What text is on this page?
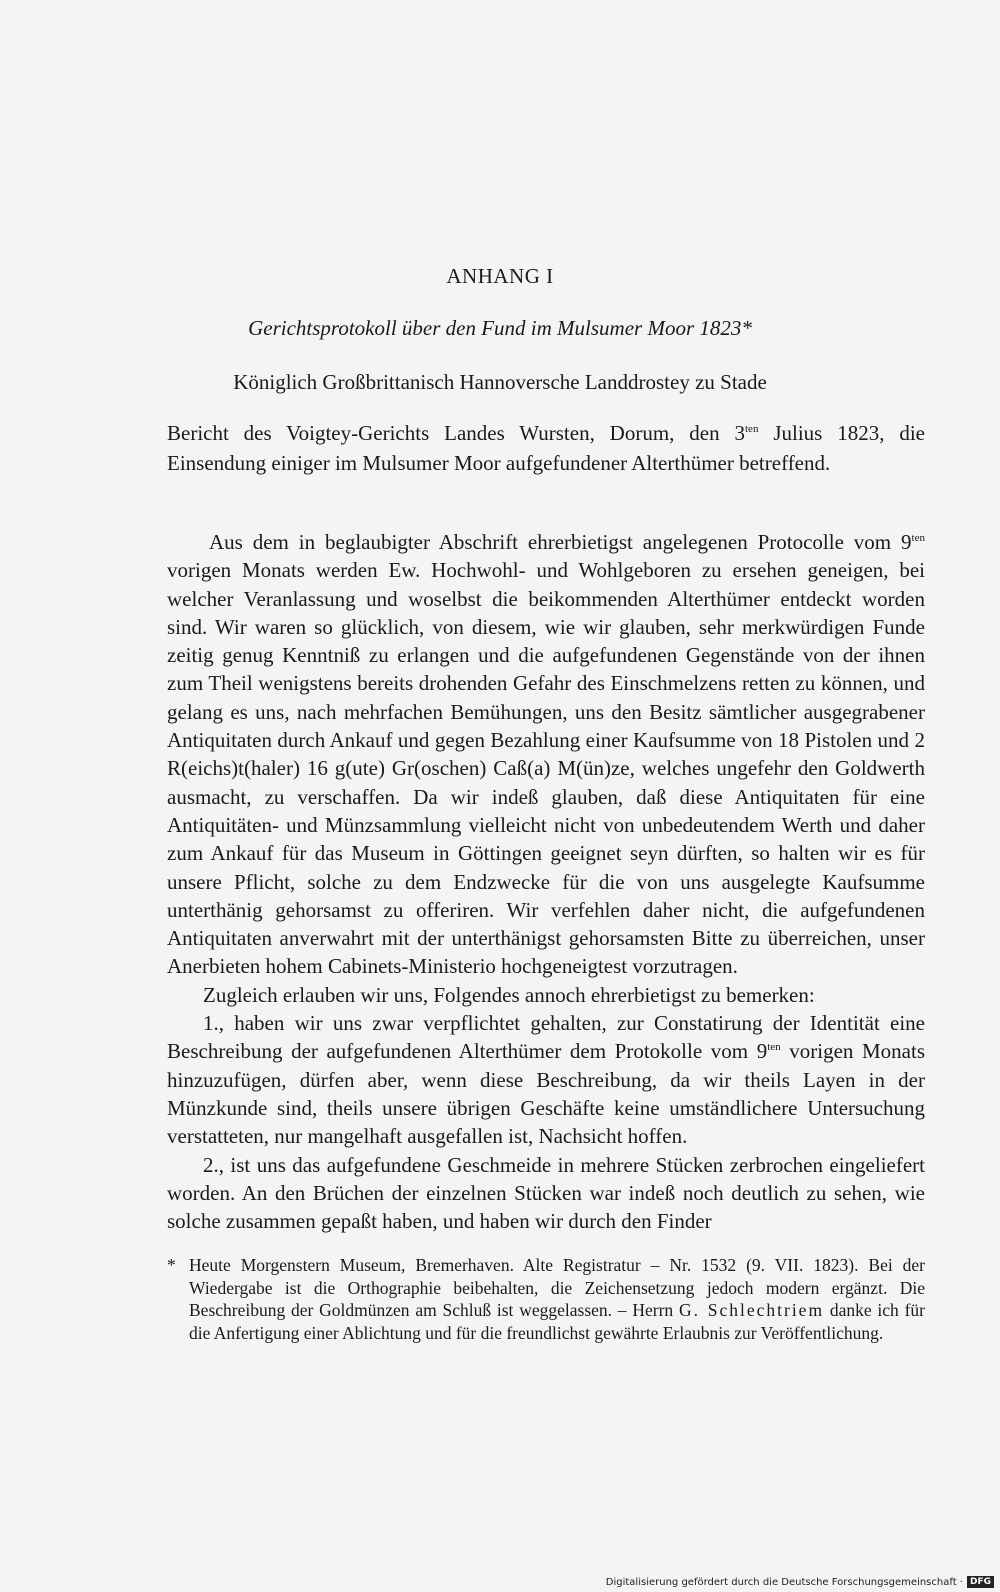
ANHANG I
Gerichtsprotokoll über den Fund im Mulsumer Moor 1823*
Königlich Großbrittanisch Hannoversche Landdrostey zu Stade
Bericht des Voigtey-Gerichts Landes Wursten, Dorum, den $3^{ten}$ Julius 1823, die Einsendung einiger im Mulsumer Moor aufgefundener Alterthümer betreffend.

Aus dem in beglaubigter Abschrift ehrerbietigst angelegenen Protocolle vom $9^{ten}$ vorigen Monats werden Ew. Hochwohl- und Wohlgeboren zu ersehen geneigen, bei welcher Veranlassung und woselbst die beikommenden Alterthümer entdeckt worden sind. Wir waren so glücklich, von diesem, wie wir glauben, sehr merkwürdigen Funde zeitig genug Kenntniß zu erlangen und die aufgefundenen Gegenstände von der ihnen zum Theil wenigstens bereits drohenden Gefahr des Einschmelzens retten zu können, und gelang es uns, nach mehrfachen Bemühungen, uns den Besitz sämtlicher ausgegrabener Antiquitaten durch Ankauf und gegen Bezahlung einer Kaufsumme von 18 Pistolen und 2 R(eichs)t(haler) 16 g(ute) Gr(oschen) Caß(a) M(ün)ze, welches ungefehr den Goldwerth ausmacht, zu verschaffen. Da wir indeß glauben, daß diese Antiquitaten für eine Antiquitäten- und Münzsammlung vielleicht nicht von unbedeutendem Werth und daher zum Ankauf für das Museum in Göttingen geeignet seyn dürften, so halten wir es für unsere Pflicht, solche zu dem Endzwecke für die von uns ausgelegte Kaufsumme unterthänig gehorsamst zu offeriren. Wir verfehlen daher nicht, die aufgefundenen Antiquitaten anverwahrt mit der unterthänigst gehorsamsten Bitte zu überreichen, unser Anerbieten hohem Cabinets-Ministerio hochgeneigtest vorzutragen.

Zugleich erlauben wir uns, Folgendes annoch ehrerbietigst zu bemerken:

1., haben wir uns zwar verpflichtet gehalten, zur Constatirung der Identität eine Beschreibung der aufgefundenen Alterthümer dem Protokolle vom $9^{ten}$ vorigen Monats hinzuzufügen, dürfen aber, wenn diese Beschreibung, da wir theils Layen in der Münzkunde sind, theils unsere übrigen Geschäfte keine umständlichere Untersuchung verstatteten, nur mangelhaft ausgefallen ist, Nachsicht hoffen.

2., ist uns das aufgefundene Geschmeide in mehrere Stücken zerbrochen eingeliefert worden. An den Brüchen der einzelnen Stücken war indeß noch deutlich zu sehen, wie solche zusammen gepaßt haben, und haben wir durch den Finder

* Heute Morgenstern Museum, Bremerhaven. Alte Registratur – Nr. 1532 (9. VII. 1823). Bei der Wiedergabe ist die Orthographie beibehalten, die Zeichensetzung jedoch modern ergänzt. Die Beschreibung der Goldmünzen am Schluß ist weggelassen. – Herrn G. Schlechtriem danke ich für die Anfertigung einer Ablichtung und für die freundlichst gewährte Erlaubnis zur Veröffentlichung.
Digitalisierung gefördert durch die Deutsche Forschungsgemeinschaft · DFG
